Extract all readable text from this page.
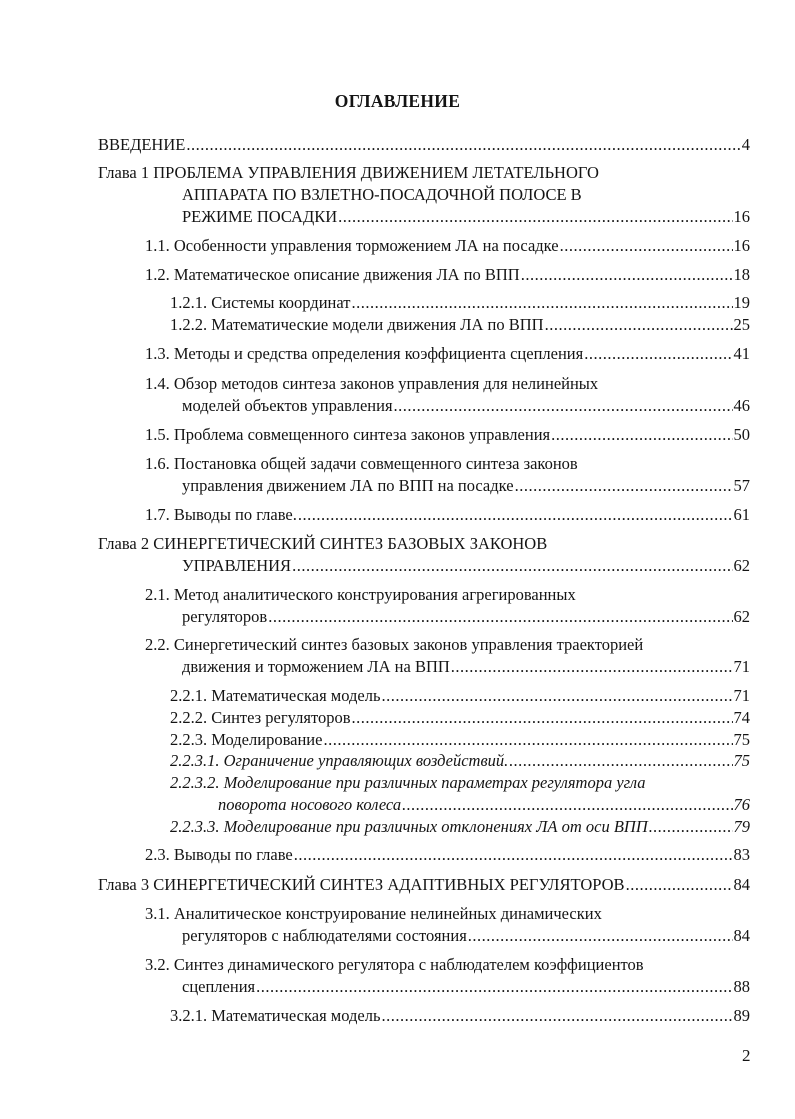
ОГЛАВЛЕНИЕ
ВВЕДЕНИЕ .....	4
Глава 1 ПРОБЛЕМА УПРАВЛЕНИЯ ДВИЖЕНИЕМ ЛЕТАТЕЛЬНОГО
АППАРАТА ПО ВЗЛЕТНО-ПОСАДОЧНОЙ ПОЛОСЕ В
РЕЖИМЕ ПОСАДКИ .....	16
1.1. Особенности управления торможением ЛА на посадке .....	16
1.2. Математическое описание движения ЛА по ВПП .....	18
1.2.1. Системы координат .....	19
1.2.2. Математические модели движения ЛА по ВПП .....	25
1.3. Методы и средства определения коэффициента сцепления .....	41
1.4. Обзор методов синтеза законов управления для нелинейных
моделей объектов управления .....	46
1.5. Проблема совмещенного синтеза законов управления .....	50
1.6. Постановка общей задачи совмещенного синтеза законов
управления движением ЛА по ВПП на посадке .....	57
1.7. Выводы по главе. .....	61
Глава 2 СИНЕРГЕТИЧЕСКИЙ СИНТЕЗ БАЗОВЫХ ЗАКОНОВ
УПРАВЛЕНИЯ .....	62
2.1. Метод аналитического конструирования агрегированных
регуляторов .....	62
2.2. Синергетический синтез базовых законов управления траекторией
движения и торможением ЛА на ВПП .....	71
2.2.1. Математическая модель .....	71
2.2.2. Синтез регуляторов .....	74
2.2.3. Моделирование .....	75
2.2.3.1. Ограничение управляющих воздействий. .....	75
2.2.3.2. Моделирование при различных параметрах регулятора угла
поворота носового колеса .....	76
2.2.3.3. Моделирование при различных отклонениях ЛА от оси ВПП .....	79
2.3. Выводы по главе .....	83
Глава 3 СИНЕРГЕТИЧЕСКИЙ СИНТЕЗ АДАПТИВНЫХ РЕГУЛЯТОРОВ .....	84
3.1. Аналитическое конструирование нелинейных динамических
регуляторов с наблюдателями состояния .....	84
3.2. Синтез динамического регулятора с наблюдателем коэффициентов
сцепления .....	88
3.2.1. Математическая модель .....	89
2
